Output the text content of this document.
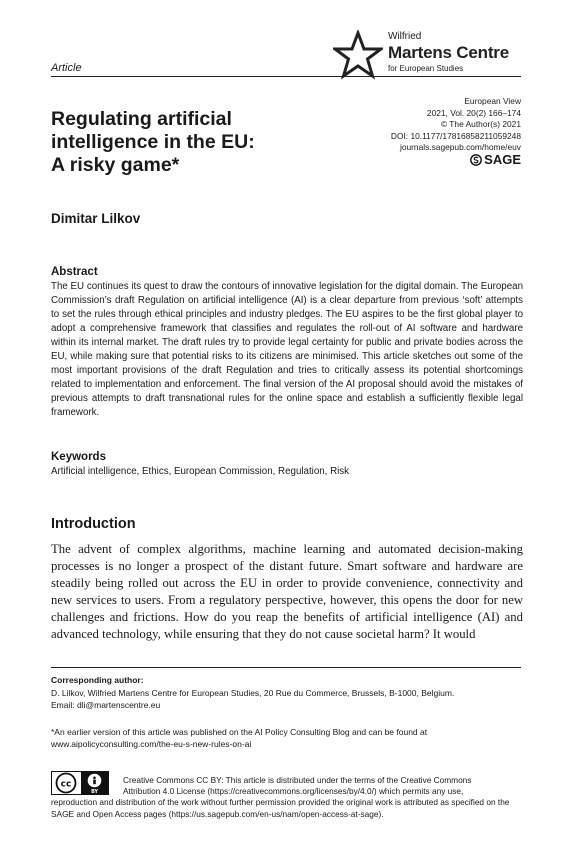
Article
Wilfried
Martens Centre
for European Studies
European View
2021, Vol. 20(2) 166–174
© The Author(s) 2021
DOI: 10.1177/17816858211059248
journals.sagepub.com/home/euv
SAGE
Regulating artificial
intelligence in the EU:
A risky game*
Dimitar Lilkov
Abstract
The EU continues its quest to draw the contours of innovative legislation for the digital domain. The European Commission’s draft Regulation on artificial intelligence (AI) is a clear departure from previous ‘soft’ attempts to set the rules through ethical principles and industry pledges. The EU aspires to be the first global player to adopt a comprehensive framework that classifies and regulates the roll-out of AI software and hardware within its internal market. The draft rules try to provide legal certainty for public and private bodies across the EU, while making sure that potential risks to its citizens are minimised. This article sketches out some of the most important provisions of the draft Regulation and tries to critically assess its potential shortcomings related to implementation and enforcement. The final version of the AI proposal should avoid the mistakes of previous attempts to draft transnational rules for the online space and establish a sufficiently flexible legal framework.
Keywords
Artificial intelligence, Ethics, European Commission, Regulation, Risk
Introduction
The advent of complex algorithms, machine learning and automated decision-making processes is no longer a prospect of the distant future. Smart software and hardware are steadily being rolled out across the EU in order to provide convenience, connectivity and new services to users. From a regulatory perspective, however, this opens the door for new challenges and frictions. How do you reap the benefits of artificial intelligence (AI) and advanced technology, while ensuring that they do not cause societal harm? It would
Corresponding author:
D. Lilkov, Wilfried Martens Centre for European Studies, 20 Rue du Commerce, Brussels, B-1000, Belgium.
Email: dli@martenscentre.eu
*An earlier version of this article was published on the AI Policy Consulting Blog and can be found at www.aipolicyconsulting.com/the-eu-s-new-rules-on-ai
cc
BY
Creative Commons CC BY: This article is distributed under the terms of the Creative Commons
Attribution 4.0 License (https://creativecommons.org/licenses/by/4.0/) which permits any use,
reproduction and distribution of the work without further permission provided the original work is attributed as specified on the SAGE and Open Access pages (https://us.sagepub.com/en-us/nam/open-access-at-sage).
